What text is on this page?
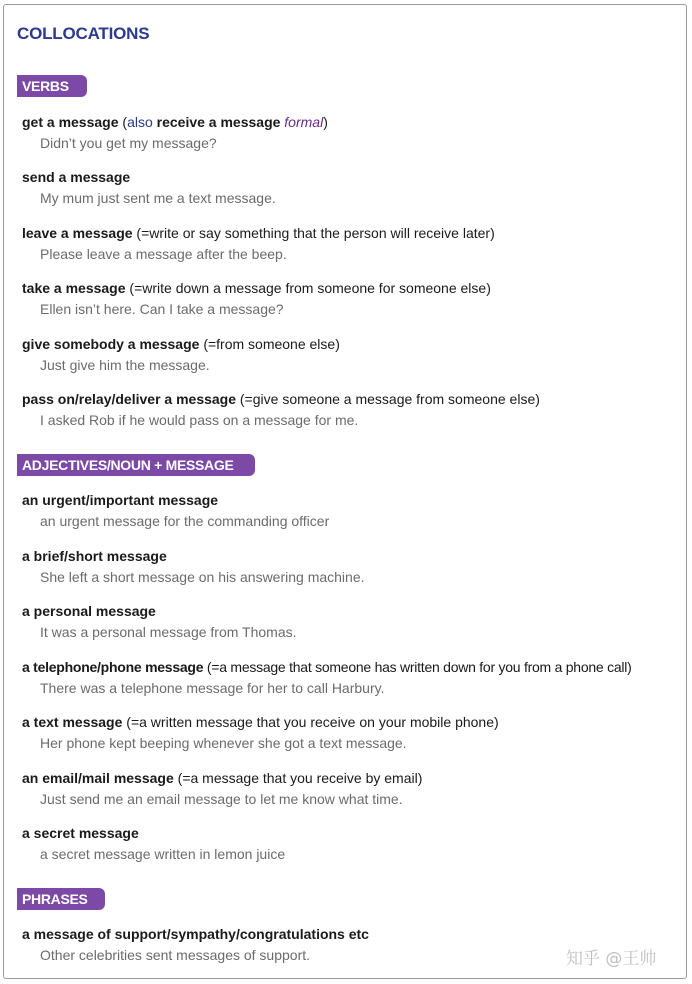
COLLOCATIONS
VERBS
get a message (also receive a message formal)
Didn’t you get my message?
send a message
My mum just sent me a text message.
leave a message (=write or say something that the person will receive later)
Please leave a message after the beep.
take a message (=write down a message from someone for someone else)
Ellen isn’t here. Can I take a message?
give somebody a message (=from someone else)
Just give him the message.
pass on/relay/deliver a message (=give someone a message from someone else)
I asked Rob if he would pass on a message for me.
ADJECTIVES/NOUN + MESSAGE
an urgent/important message
an urgent message for the commanding officer
a brief/short message
She left a short message on his answering machine.
a personal message
It was a personal message from Thomas.
a telephone/phone message (=a message that someone has written down for you from a phone call)
There was a telephone message for her to call Harbury.
a text message (=a written message that you receive on your mobile phone)
Her phone kept beeping whenever she got a text message.
an email/mail message (=a message that you receive by email)
Just send me an email message to let me know what time.
a secret message
a secret message written in lemon juice
PHRASES
a message of support/sympathy/congratulations etc
Other celebrities sent messages of support.	知乎 @王帅
